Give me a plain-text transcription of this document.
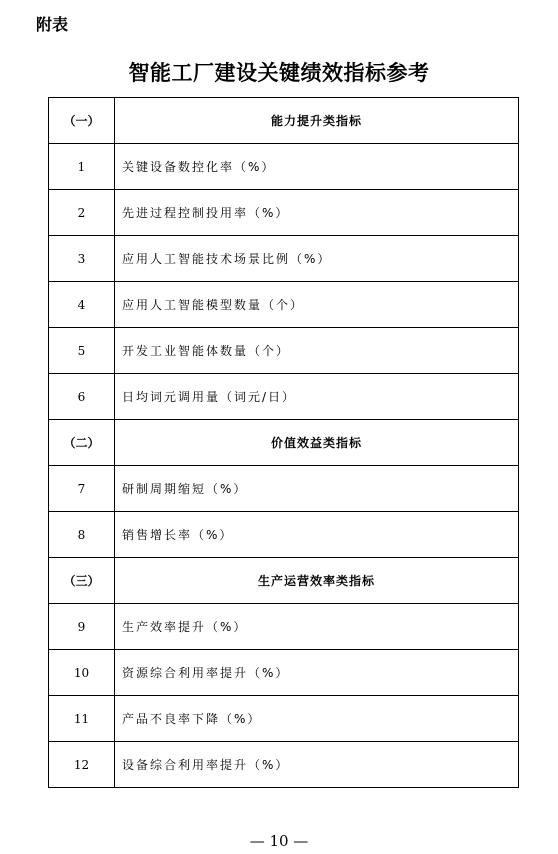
附表
智能工厂建设关键绩效指标参考
（一）	能力提升类指标
1	关键设备数控化率（%）
2	先进过程控制投用率（%）
3	应用人工智能技术场景比例（%）
4	应用人工智能模型数量（个）
5	开发工业智能体数量（个）
6	日均词元调用量（词元/日）
（二）	价值效益类指标
7	研制周期缩短（%）
8	销售增长率（%）
（三）	生产运营效率类指标
9	生产效率提升（%）
10	资源综合利用率提升（%）
11	产品不良率下降（%）
12	设备综合利用率提升（%）
— 10 —
